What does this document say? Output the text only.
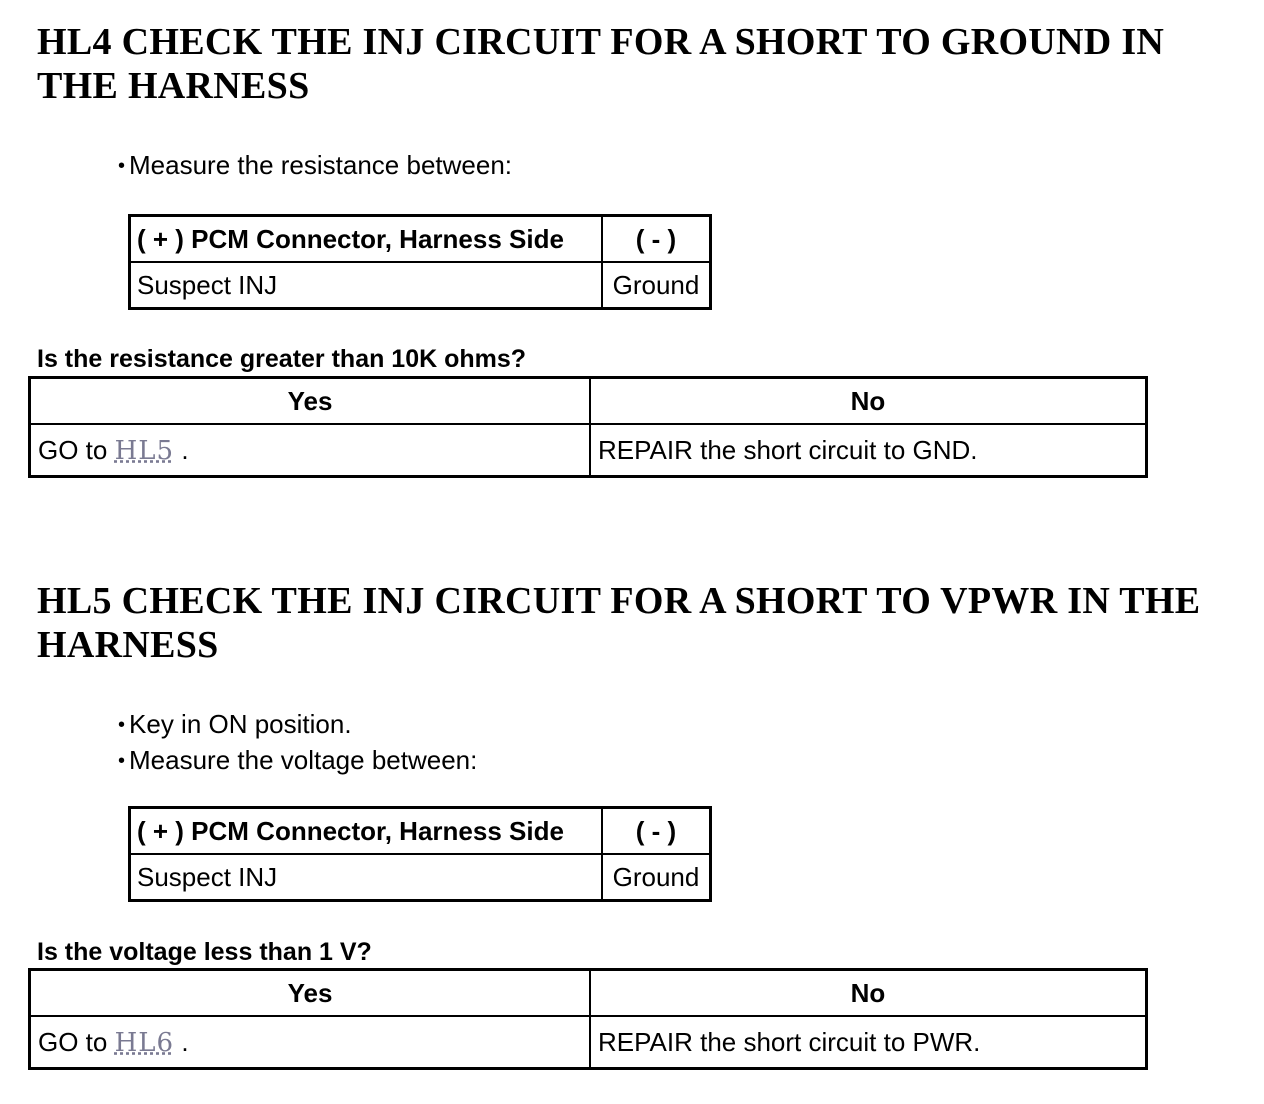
HL4 CHECK THE INJ CIRCUIT FOR A SHORT TO GROUND IN
THE HARNESS
• Measure the resistance between:
( + ) PCM Connector, Harness Side	( - )
Suspect INJ	Ground

Is the resistance greater than 10K ohms?

Yes	No
GO to HL5 .	REPAIR the short circuit to GND.
HL5 CHECK THE INJ CIRCUIT FOR A SHORT TO VPWR IN THE
HARNESS
• Key in ON position.
• Measure the voltage between:
( + ) PCM Connector, Harness Side	( - )
Suspect INJ	Ground

Is the voltage less than 1 V?

Yes	No
GO to HL6 .	REPAIR the short circuit to PWR.
